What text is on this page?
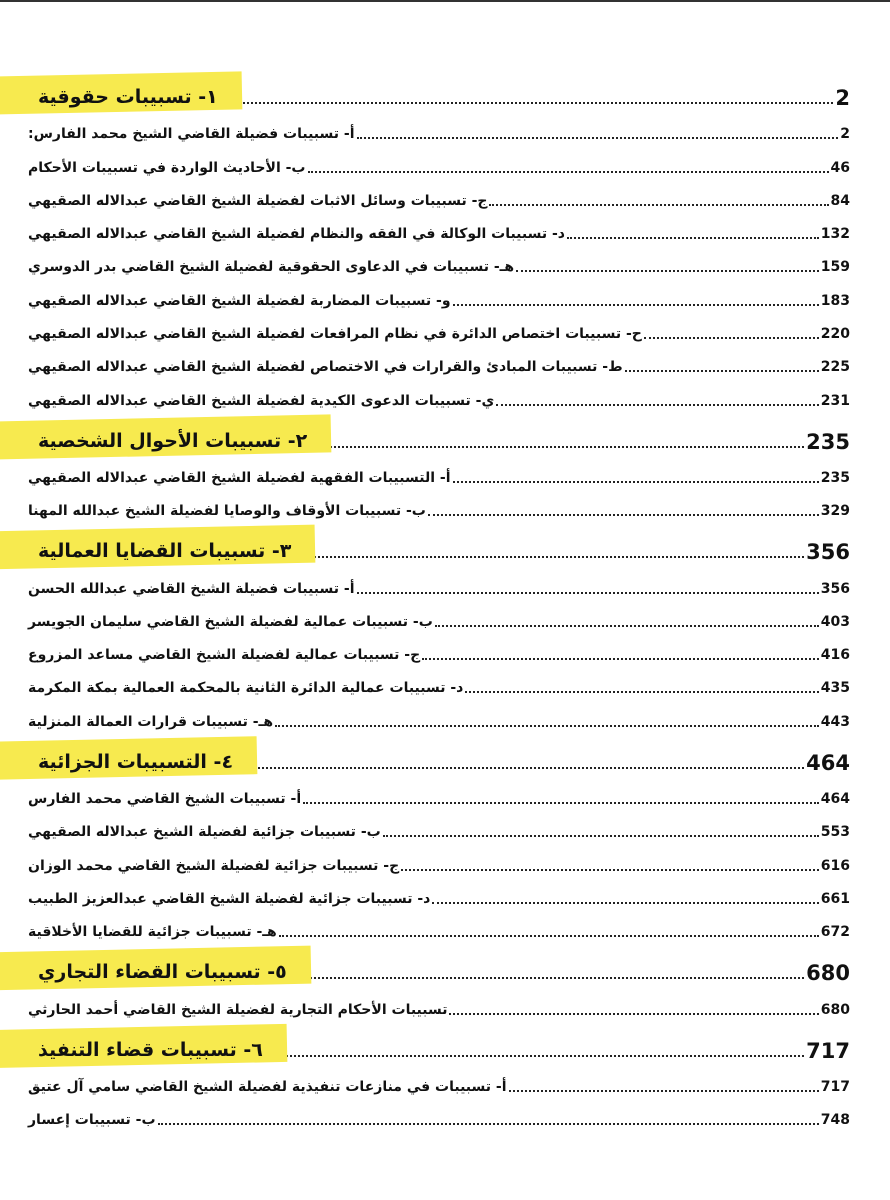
١- تسبيبات حقوقية	2
أ- تسبيبات فضيلة القاضي الشيخ محمد الفارس:	2
ب- الأحاديث الواردة في تسبيبات الأحكام	46
ج- تسبيبات وسائل الاثبات لفضيلة الشيخ القاضي عبدالاله الصقيهي	84
د- تسبيبات الوكالة في الفقه والنظام لفضيلة الشيخ القاضي عبدالاله الصقيهي	132
هـ- تسبيبات في الدعاوى الحقوقية لفضيلة الشيخ القاضي بدر الدوسري	159
و- تسبيبات المضاربة لفضيلة الشيخ القاضي عبدالاله الصقيهي	183
ح- تسبيبات اختصاص الدائرة في نظام المرافعات لفضيلة الشيخ القاضي عبدالاله الصقيهي	220
ط- تسبيبات المبادئ والقرارات في الاختصاص لفضيلة الشيخ القاضي عبدالاله الصقيهي	225
ي- تسبيبات الدعوى الكيدية لفضيلة الشيخ القاضي عبدالاله الصقيهي	231
٢- تسبيبات الأحوال الشخصية	235
أ- التسبيبات الفقهية لفضيلة الشيخ القاضي عبدالاله الصقيهي	235
ب- تسبيبات الأوقاف والوصايا لفضيلة الشيخ عبدالله المهنا	329
٣- تسبيبات القضايا العمالية	356
أ- تسبيبات فضيلة الشيخ القاضي عبدالله الحسن	356
ب- تسبيبات عمالية لفضيلة الشيخ القاضي سليمان الجويسر	403
ج- تسبيبات عمالية لفضيلة الشيخ القاضي مساعد المزروع	416
د- تسبيبات عمالية الدائرة الثانية بالمحكمة العمالية بمكة المكرمة	435
هـ- تسبيبات قرارات العمالة المنزلية	443
٤- التسبيبات الجزائية	464
أ- تسبيبات الشيخ القاضي محمد الفارس	464
ب- تسبيبات جزائية لفضيلة الشيخ عبدالاله الصقيهي	553
ج- تسبيبات جزائية لفضيلة الشيخ القاضي محمد الوزان	616
د- تسبيبات جزائية لفضيلة الشيخ القاضي عبدالعزيز الطبيب	661
هـ- تسبيبات جزائية للقضايا الأخلاقية	672
٥- تسبيبات القضاء التجاري	680
تسبيبات الأحكام التجارية لفضيلة الشيخ القاضي أحمد الحارثي	680
٦- تسبيبات قضاء التنفيذ	717
أ- تسبيبات في منازعات تنفيذية لفضيلة الشيخ القاضي سامي آل عتيق	717
ب- تسبيبات إعسار	748
